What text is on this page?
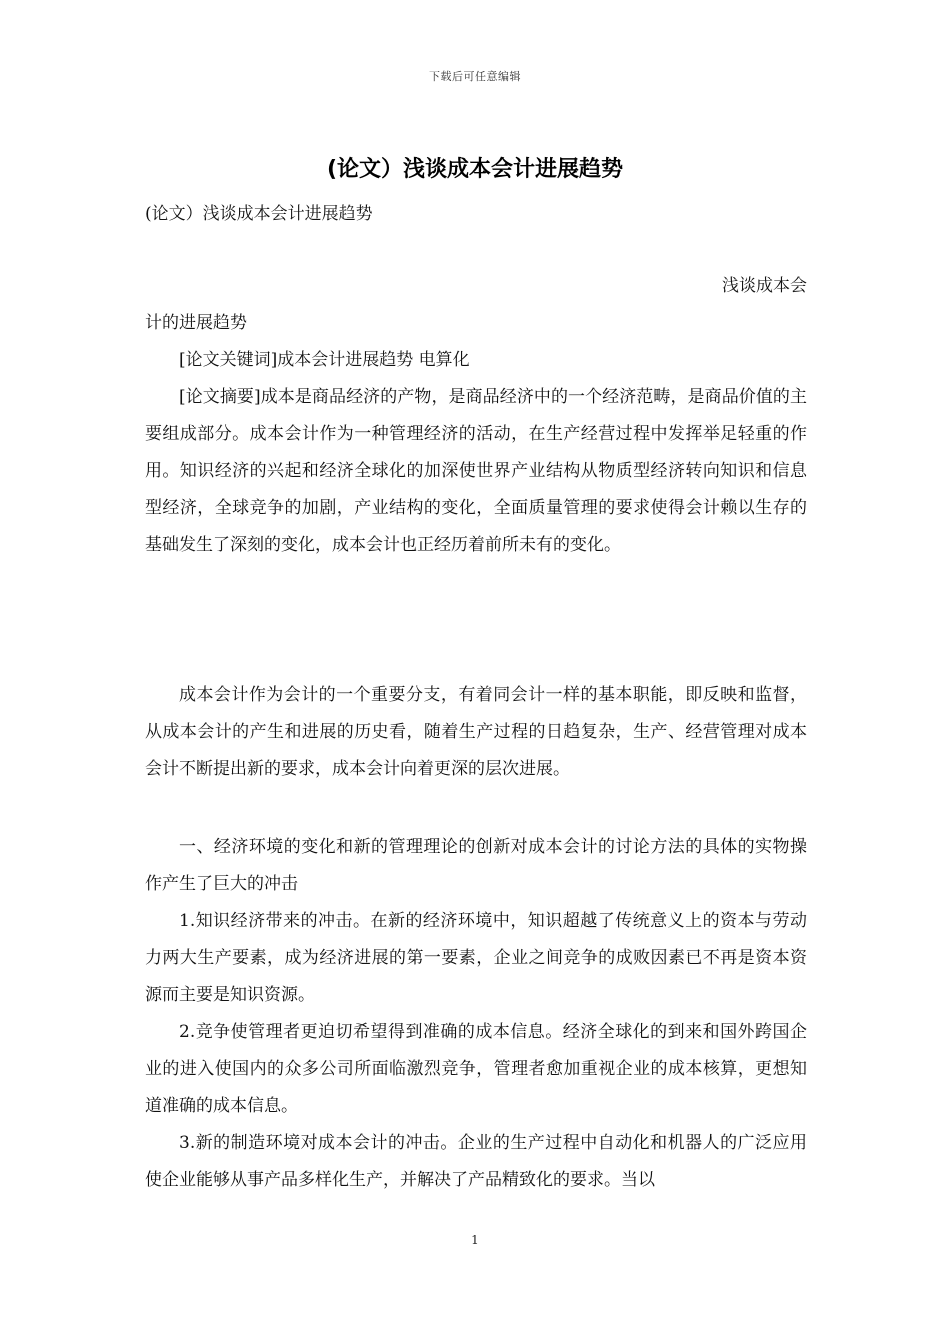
下载后可任意编辑
(论文）浅谈成本会计进展趋势

(论文）浅谈成本会计进展趋势

浅谈成本会

计的进展趋势

[论文关键词]成本会计进展趋势 电算化

[论文摘要]成本是商品经济的产物，是商品经济中的一个经济范畴，是商品价值的主要组成部分。成本会计作为一种管理经济的活动，在生产经营过程中发挥举足轻重的作用。知识经济的兴起和经济全球化的加深使世界产业结构从物质型经济转向知识和信息型经济，全球竞争的加剧，产业结构的变化，全面质量管理的要求使得会计赖以生存的基础发生了深刻的变化，成本会计也正经历着前所未有的变化。

成本会计作为会计的一个重要分支，有着同会计一样的基本职能，即反映和监督，从成本会计的产生和进展的历史看，随着生产过程的日趋复杂，生产、经营管理对成本会计不断提出新的要求，成本会计向着更深的层次进展。

一、经济环境的变化和新的管理理论的创新对成本会计的讨论方法的具体的实物操作产生了巨大的冲击

1.知识经济带来的冲击。在新的经济环境中，知识超越了传统意义上的资本与劳动力两大生产要素，成为经济进展的第一要素，企业之间竞争的成败因素已不再是资本资源而主要是知识资源。

2.竞争使管理者更迫切希望得到准确的成本信息。经济全球化的到来和国外跨国企业的进入使国内的众多公司所面临激烈竞争，管理者愈加重视企业的成本核算，更想知道准确的成本信息。

3.新的制造环境对成本会计的冲击。企业的生产过程中自动化和机器人的广泛应用使企业能够从事产品多样化生产，并解决了产品精致化的要求。当以

1
